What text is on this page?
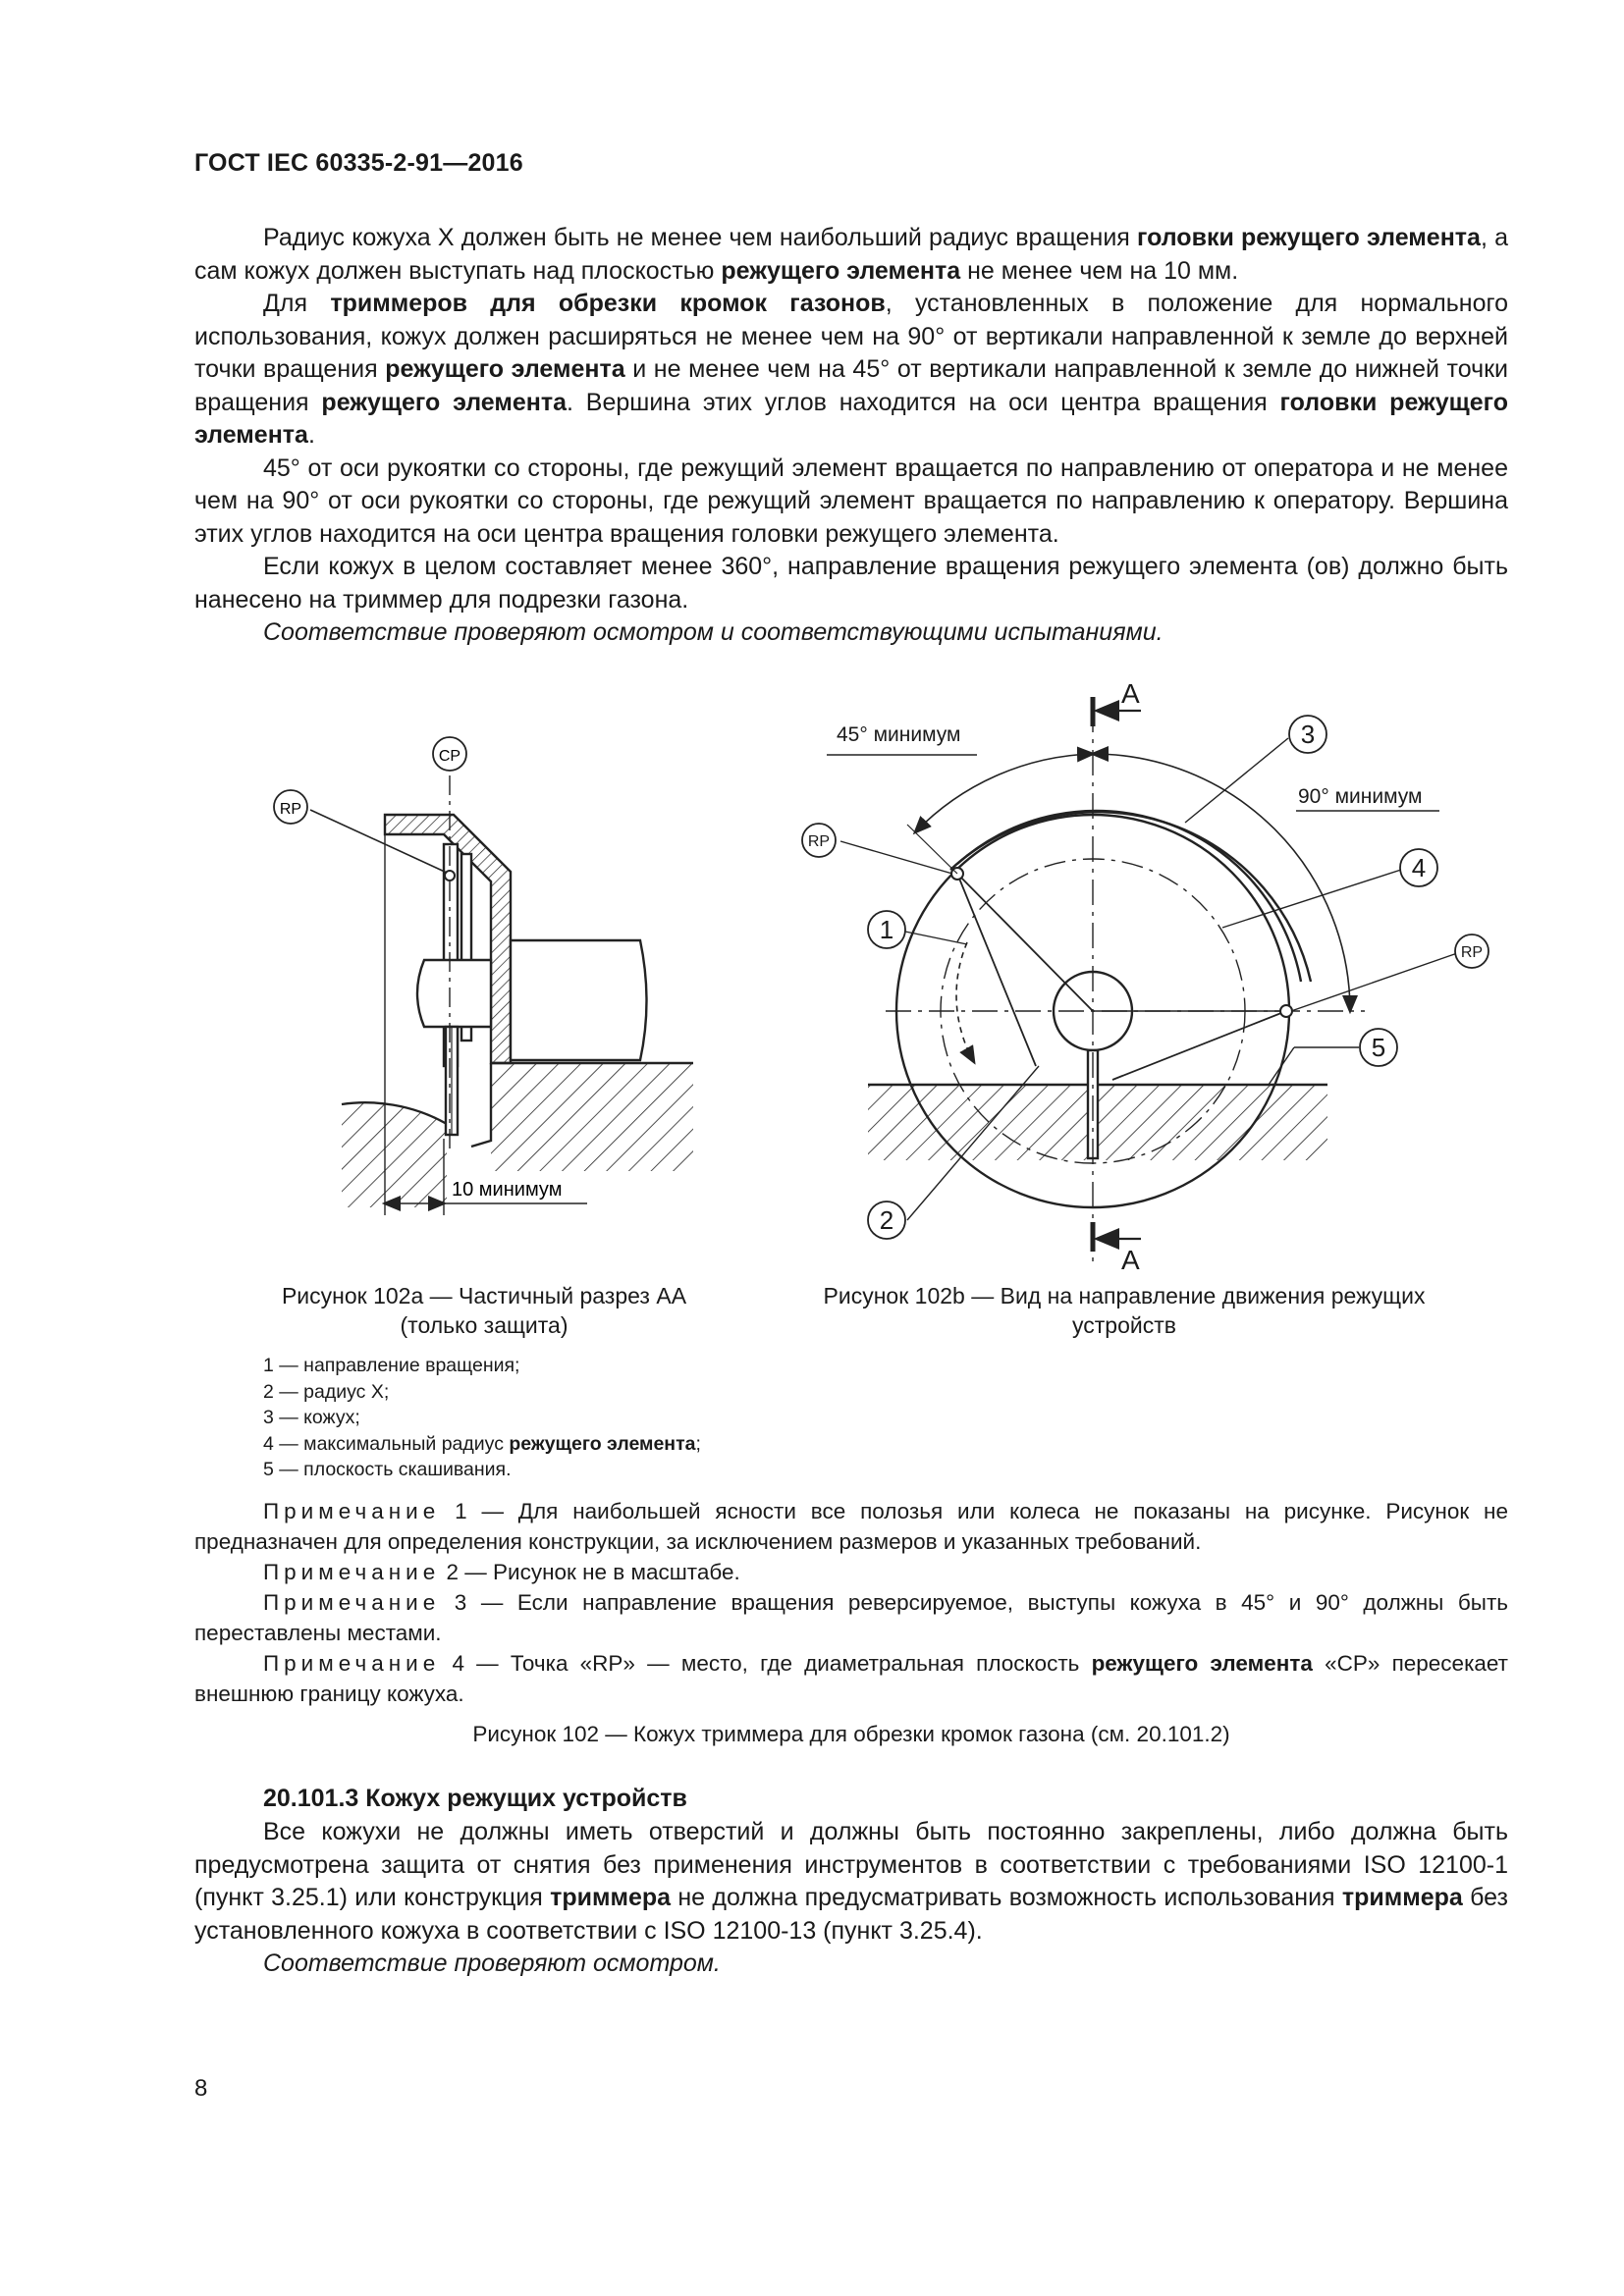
ГОСТ IEC 60335-2-91—2016

Радиус кожуха X должен быть не менее чем наибольший радиус вращения головки режущего элемента, а сам кожух должен выступать над плоскостью режущего элемента не менее чем на 10 мм.

Для триммеров для обрезки кромок газонов, установленных в положение для нормального использования, кожух должен расширяться не менее чем на 90° от вертикали направленной к земле до верхней точки вращения режущего элемента и не менее чем на 45° от вертикали направленной к земле до нижней точки вращения режущего элемента. Вершина этих углов находится на оси центра вращения головки режущего элемента.

45° от оси рукоятки со стороны, где режущий элемент вращается по направлению от оператора и не менее чем на 90° от оси рукоятки со стороны, где режущий элемент вращается по направлению к оператору. Вершина этих углов находится на оси центра вращения головки режущего элемента.

Если кожух в целом составляет менее 360°, направление вращения режущего элемента (ов) должно быть нанесено на триммер для подрезки газона.

Соответствие проверяют осмотром и соответствующими испытаниями.

CP
RP
10 минимум
A
A
45° минимум
90° минимум
RP
RP
1
2
3
4
5
Рисунок 102а — Частичный разрез АА
(только защита)
Рисунок 102b — Вид на направление движения режущих
устройств
1 — направление вращения;
2 — радиус X;
3 — кожух;
4 — максимальный радиус режущего элемента;
5 — плоскость скашивания.

Примечание 1 — Для наибольшей ясности все полозья или колеса не показаны на рисунке. Рисунок не предназначен для определения конструкции, за исключением размеров и указанных требований.

Примечание 2 — Рисунок не в масштабе.

Примечание 3 — Если направление вращения реверсируемое, выступы кожуха в 45° и 90° должны быть переставлены местами.

Примечание 4 — Точка «RP» — место, где диаметральная плоскость режущего элемента «CP» пересекает внешнюю границу кожуха.

Рисунок 102 — Кожух триммера для обрезки кромок газона (см. 20.101.2)
20.101.3 Кожух режущих устройств

Все кожухи не должны иметь отверстий и должны быть постоянно закреплены, либо должна быть предусмотрена защита от снятия без применения инструментов в соответствии с требованиями ISO 12100-1 (пункт 3.25.1) или конструкция триммера не должна предусматривать возможность использования триммера без установленного кожуха в соответствии с ISO 12100-13 (пункт 3.25.4).

Соответствие проверяют осмотром.

8
